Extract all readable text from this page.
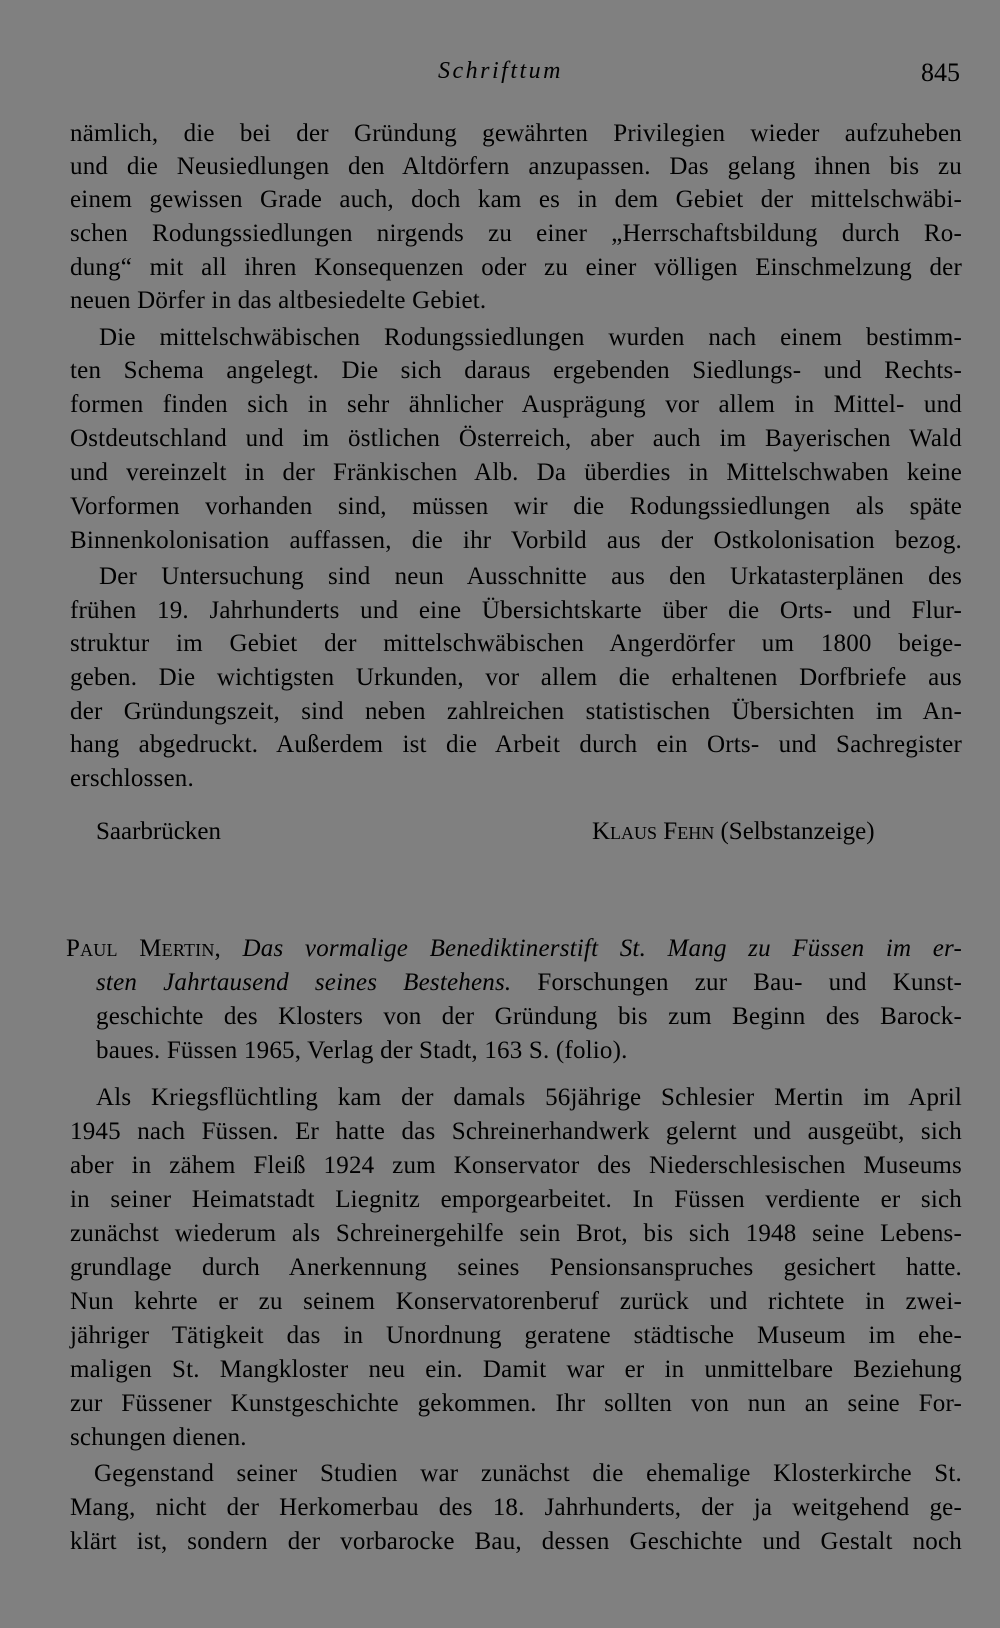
Schrifttum	845
nämlich, die bei der Gründung gewährten Privilegien wieder aufzuheben
und die Neusiedlungen den Altdörfern anzupassen. Das gelang ihnen bis zu
einem gewissen Grade auch, doch kam es in dem Gebiet der mittelschwäbi-
schen Rodungssiedlungen nirgends zu einer „Herrschaftsbildung durch Ro-
dung“ mit all ihren Konsequenzen oder zu einer völligen Einschmelzung der
neuen Dörfer in das altbesiedelte Gebiet.
Die mittelschwäbischen Rodungssiedlungen wurden nach einem bestimm-
ten Schema angelegt. Die sich daraus ergebenden Siedlungs- und Rechts-
formen finden sich in sehr ähnlicher Ausprägung vor allem in Mittel- und
Ostdeutschland und im östlichen Österreich, aber auch im Bayerischen Wald
und vereinzelt in der Fränkischen Alb. Da überdies in Mittelschwaben keine
Vorformen vorhanden sind, müssen wir die Rodungssiedlungen als späte
Binnenkolonisation auffassen, die ihr Vorbild aus der Ostkolonisation bezog.
Der Untersuchung sind neun Ausschnitte aus den Urkatasterplänen des
frühen 19. Jahrhunderts und eine Übersichtskarte über die Orts- und Flur-
struktur im Gebiet der mittelschwäbischen Angerdörfer um 1800 beige-
geben. Die wichtigsten Urkunden, vor allem die erhaltenen Dorfbriefe aus
der Gründungszeit, sind neben zahlreichen statistischen Übersichten im An-
hang abgedruckt. Außerdem ist die Arbeit durch ein Orts- und Sachregister
erschlossen.
Saarbrücken	Klaus Fehn (Selbstanzeige)
Paul Mertin, Das vormalige Benediktinerstift St. Mang zu Füssen im er-
sten Jahrtausend seines Bestehens. Forschungen zur Bau- und Kunst-
geschichte des Klosters von der Gründung bis zum Beginn des Barock-
baues. Füssen 1965, Verlag der Stadt, 163 S. (folio).
Als Kriegsflüchtling kam der damals 56jährige Schlesier Mertin im April
1945 nach Füssen. Er hatte das Schreinerhandwerk gelernt und ausgeübt, sich
aber in zähem Fleiß 1924 zum Konservator des Niederschlesischen Museums
in seiner Heimatstadt Liegnitz emporgearbeitet. In Füssen verdiente er sich
zunächst wiederum als Schreinergehilfe sein Brot, bis sich 1948 seine Lebens-
grundlage durch Anerkennung seines Pensionsanspruches gesichert hatte.
Nun kehrte er zu seinem Konservatorenberuf zurück und richtete in zwei-
jähriger Tätigkeit das in Unordnung geratene städtische Museum im ehe-
maligen St. Mangkloster neu ein. Damit war er in unmittelbare Beziehung
zur Füssener Kunstgeschichte gekommen. Ihr sollten von nun an seine For-
schungen dienen.
Gegenstand seiner Studien war zunächst die ehemalige Klosterkirche St.
Mang, nicht der Herkomerbau des 18. Jahrhunderts, der ja weitgehend ge-
klärt ist, sondern der vorbarocke Bau, dessen Geschichte und Gestalt noch
